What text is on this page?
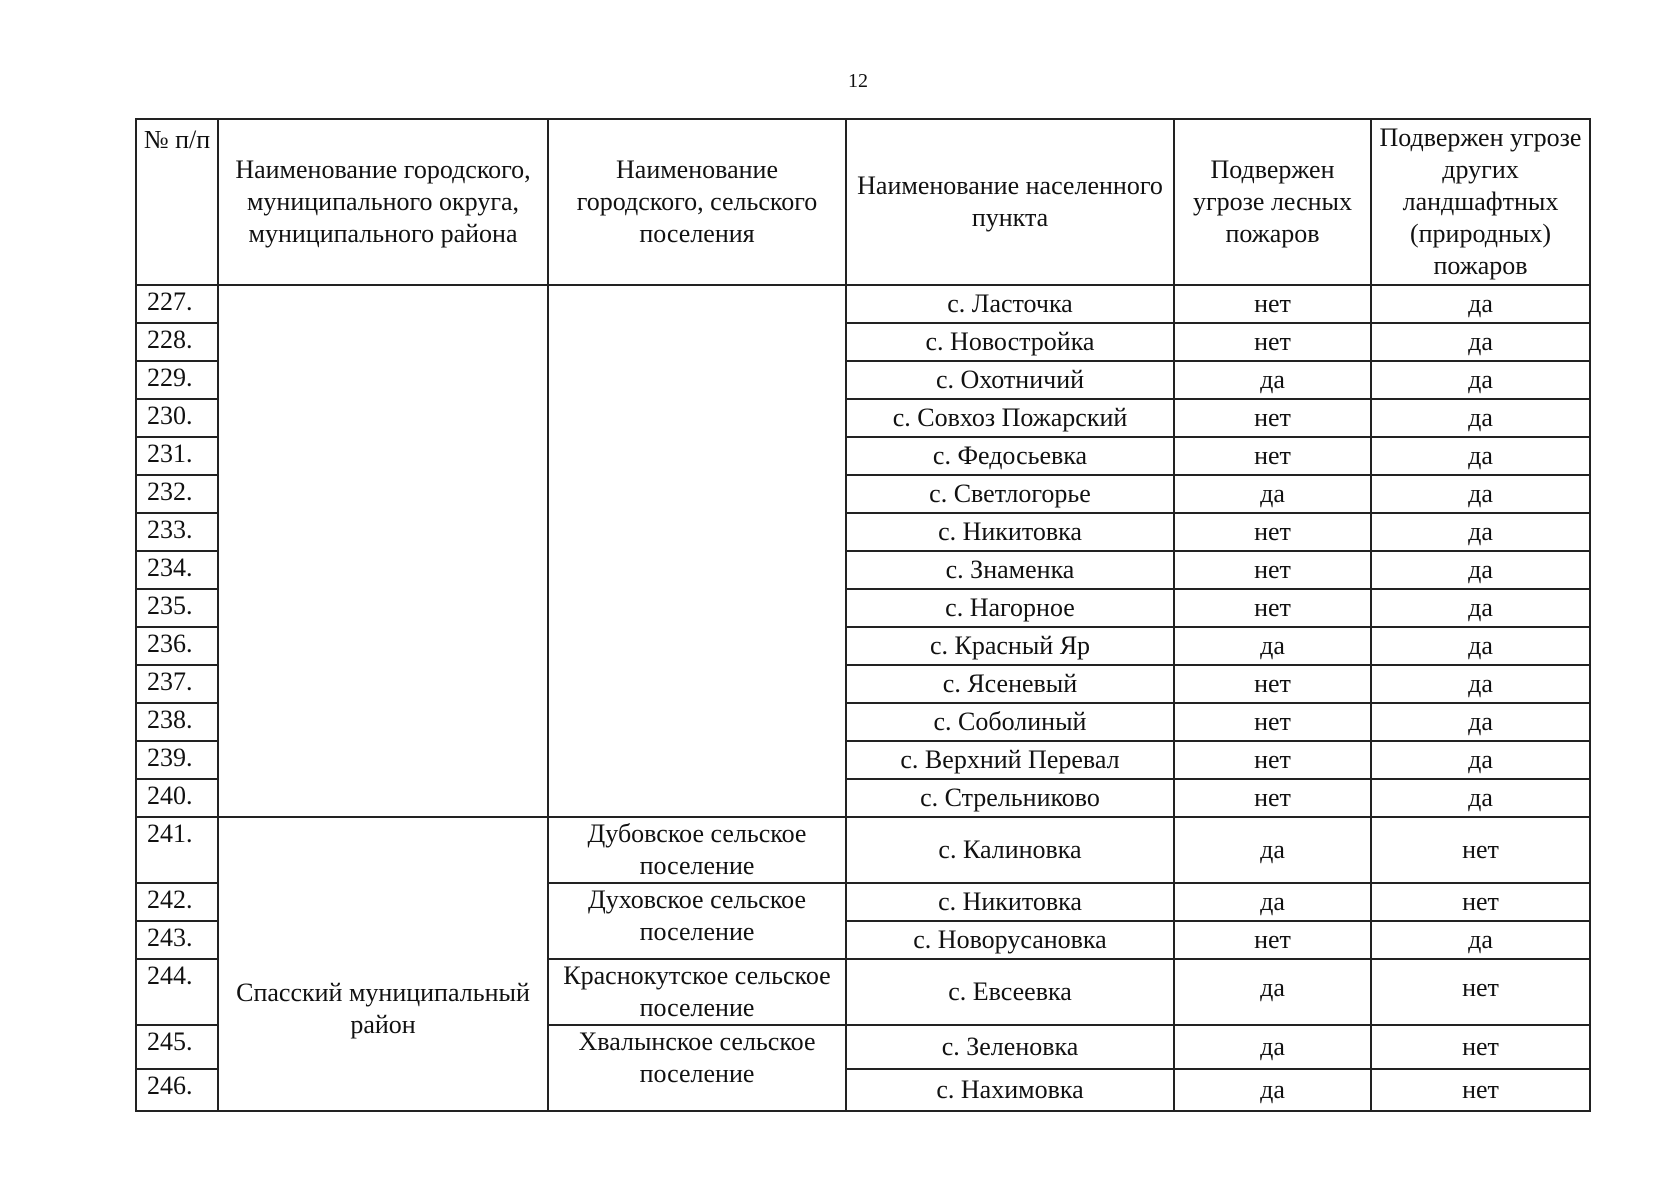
12
№ п/п	Наименование городского, муниципального округа, муниципального района	Наименование городского, сельского поселения	Наименование населенного пункта	Подвержен угрозе лесных пожаров	Подвержен угрозе других ландшафтных (природных) пожаров
227.			с. Ласточка	нет	да
228.			с. Новостройка	нет	да
229.			с. Охотничий	да	да
230.			с. Совхоз Пожарский	нет	да
231.			с. Федосьевка	нет	да
232.			с. Светлогорье	да	да
233.			с. Никитовка	нет	да
234.			с. Знаменка	нет	да
235.			с. Нагорное	нет	да
236.			с. Красный Яр	да	да
237.			с. Ясеневый	нет	да
238.			с. Соболиный	нет	да
239.			с. Верхний Перевал	нет	да
240.			с. Стрельниково	нет	да
241.	Спасский муниципальный район	Дубовское сельское поселение	с. Калиновка	да	нет
242.		Духовское сельское поселение	с. Никитовка	да	нет
243.			с. Новорусановка	нет	да
244.		Краснокутское сельское поселение	с. Евсеевка	да	нет
245.		Хвалынское сельское поселение	с. Зеленовка	да	нет
246.			с. Нахимовка	да	нет
